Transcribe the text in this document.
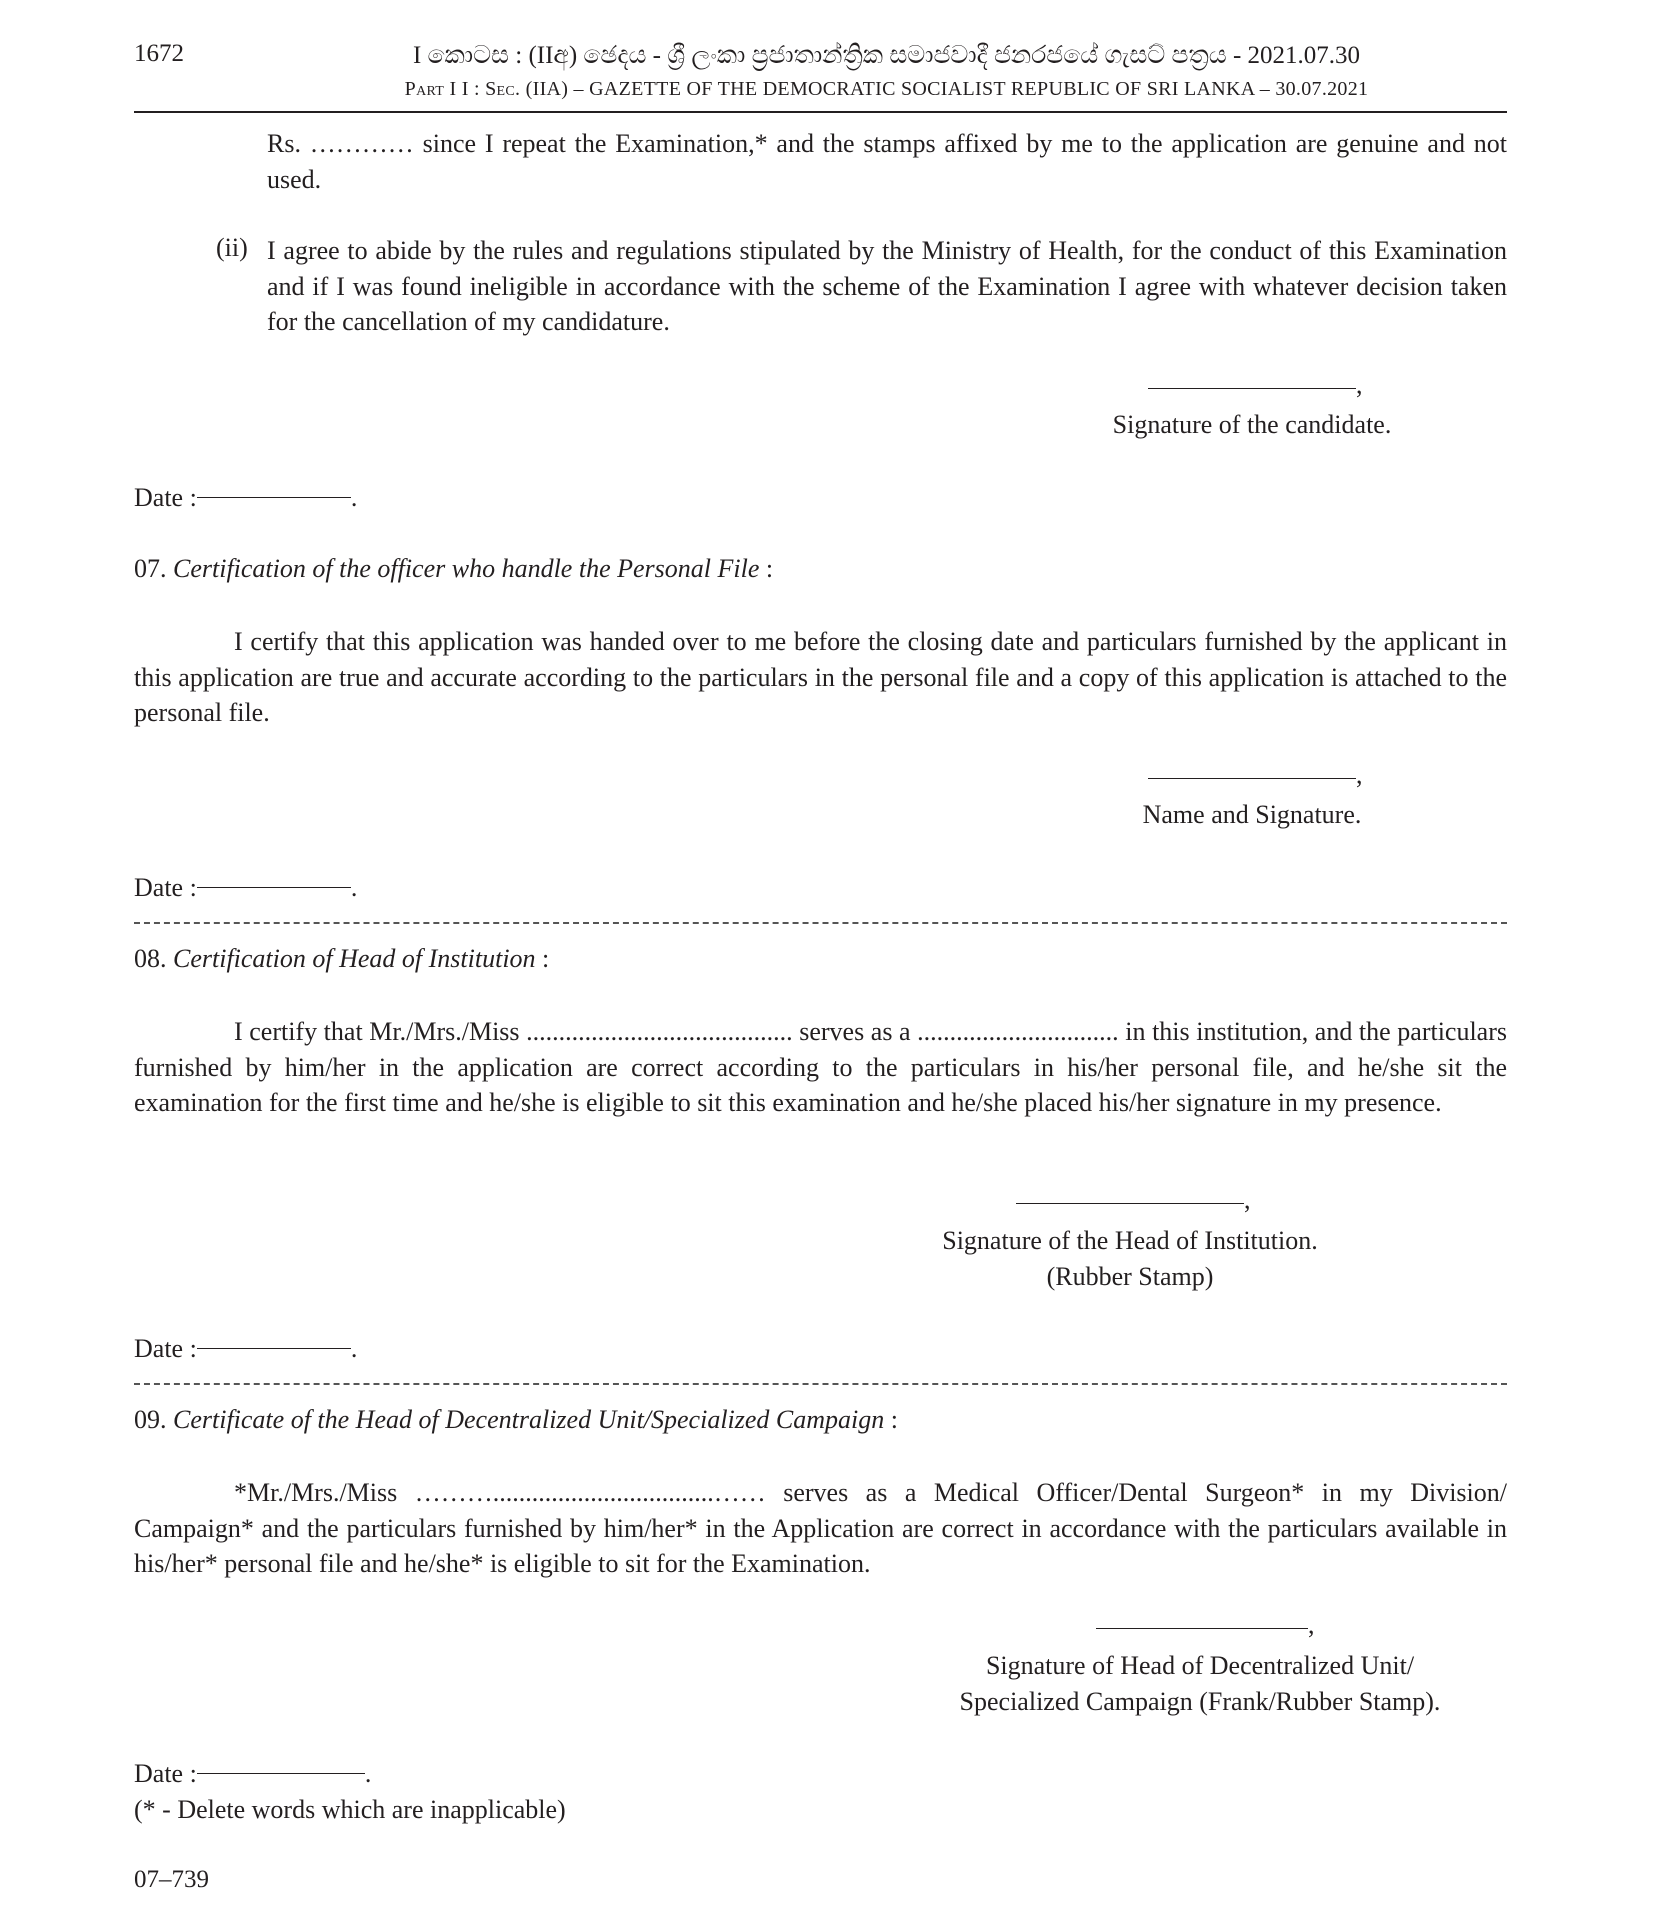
1672	I කොටස : (IIඅ) ඡෙදය - ශ්‍රී ලංකා ප්‍රජාතාන්ත්‍රික සමාජවාදී ජනරජයේ ගැසට් පත්‍රය - 2021.07.30
Part I I : Sec. (IIA) – GAZETTE OF THE DEMOCRATIC SOCIALIST REPUBLIC OF SRI LANKA – 30.07.2021
Rs. ………… since I repeat the Examination,* and the stamps affixed by me to the application are genuine and not used.
(ii) I agree to abide by the rules and regulations stipulated by the Ministry of Health, for the conduct of this Examination and if I was found ineligible in accordance with the scheme of the Examination I agree with whatever decision taken for the cancellation of my candidature.
,
Signature of the candidate.
Date :	.
07. Certification of the officer who handle the Personal File :
I certify that this application was handed over to me before the closing date and particulars furnished by the applicant in this application are true and accurate according to the particulars in the personal file and a copy of this application is attached to the personal file.
,
Name and Signature.
Date :	.
08. Certification of Head of Institution :
I certify that Mr./Mrs./Miss ......................................... serves as a ............................... in this institution, and the particulars furnished by him/her in the application are correct according to the particulars in his/her personal file, and he/she sit the examination for the first time and he/she is eligible to sit this examination and he/she placed his/her signature in my presence.
,
Signature of the Head of Institution.
(Rubber Stamp)
Date :	.
09. Certificate of the Head of Decentralized Unit/Specialized Campaign :
*Mr./Mrs./Miss ………..................................…… serves as a Medical Officer/Dental Surgeon* in my Division/ Campaign* and the particulars furnished by him/her* in the Application are correct in accordance with the particulars available in his/her* personal file and he/she* is eligible to sit for the Examination.
,
Signature of Head of Decentralized Unit/
Specialized Campaign (Frank/Rubber Stamp).
Date :	.
(* - Delete words which are inapplicable)
07–739
